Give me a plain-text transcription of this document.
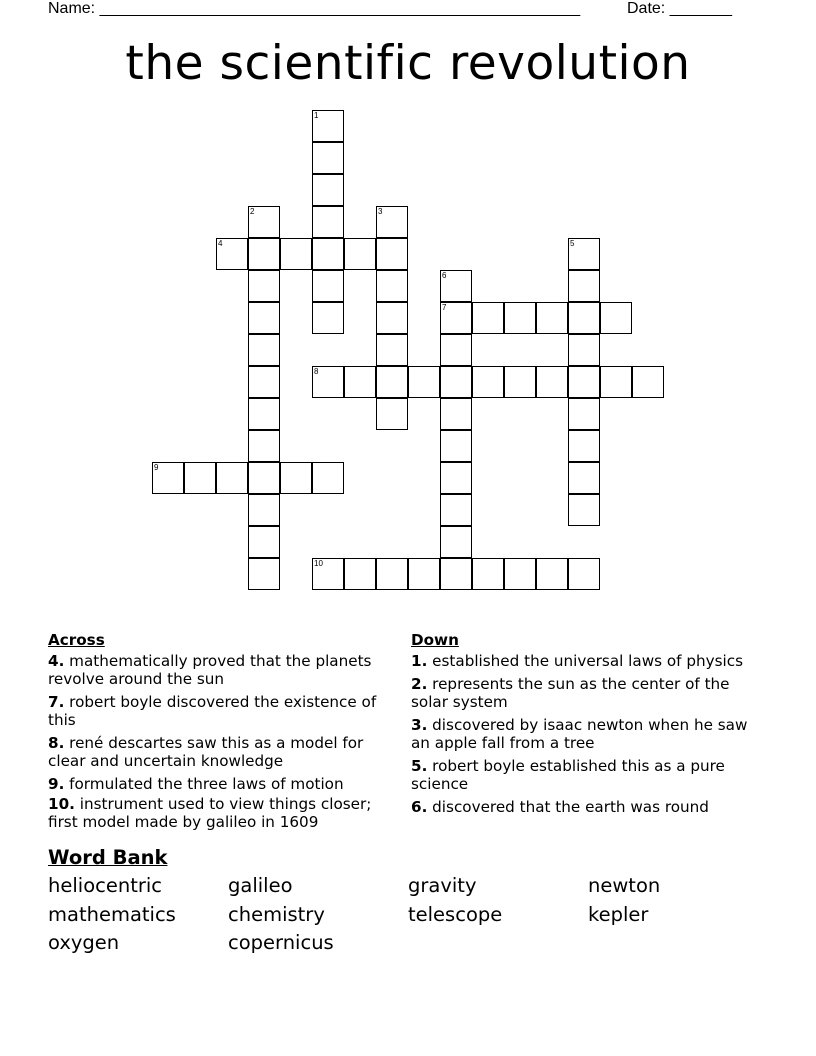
Name: ______________________________________________________	Date: _______
the scientific revolution
1
2	3
4	5
6
7
8
9
10
Across
4. mathematically proved that the planets revolve around the sun
7. robert boyle discovered the existence of this
8. rené descartes saw this as a model for clear and uncertain knowledge
9. formulated the three laws of motion
10. instrument used to view things closer; first model made by galileo in 1609
Down
1. established the universal laws of physics
2. represents the sun as the center of the solar system
3. discovered by isaac newton when he saw an apple fall from a tree
5. robert boyle established this as a pure science
6. discovered that the earth was round
Word Bank
heliocentric	galileo	gravity	newton
mathematics	chemistry	telescope	kepler
oxygen	copernicus
